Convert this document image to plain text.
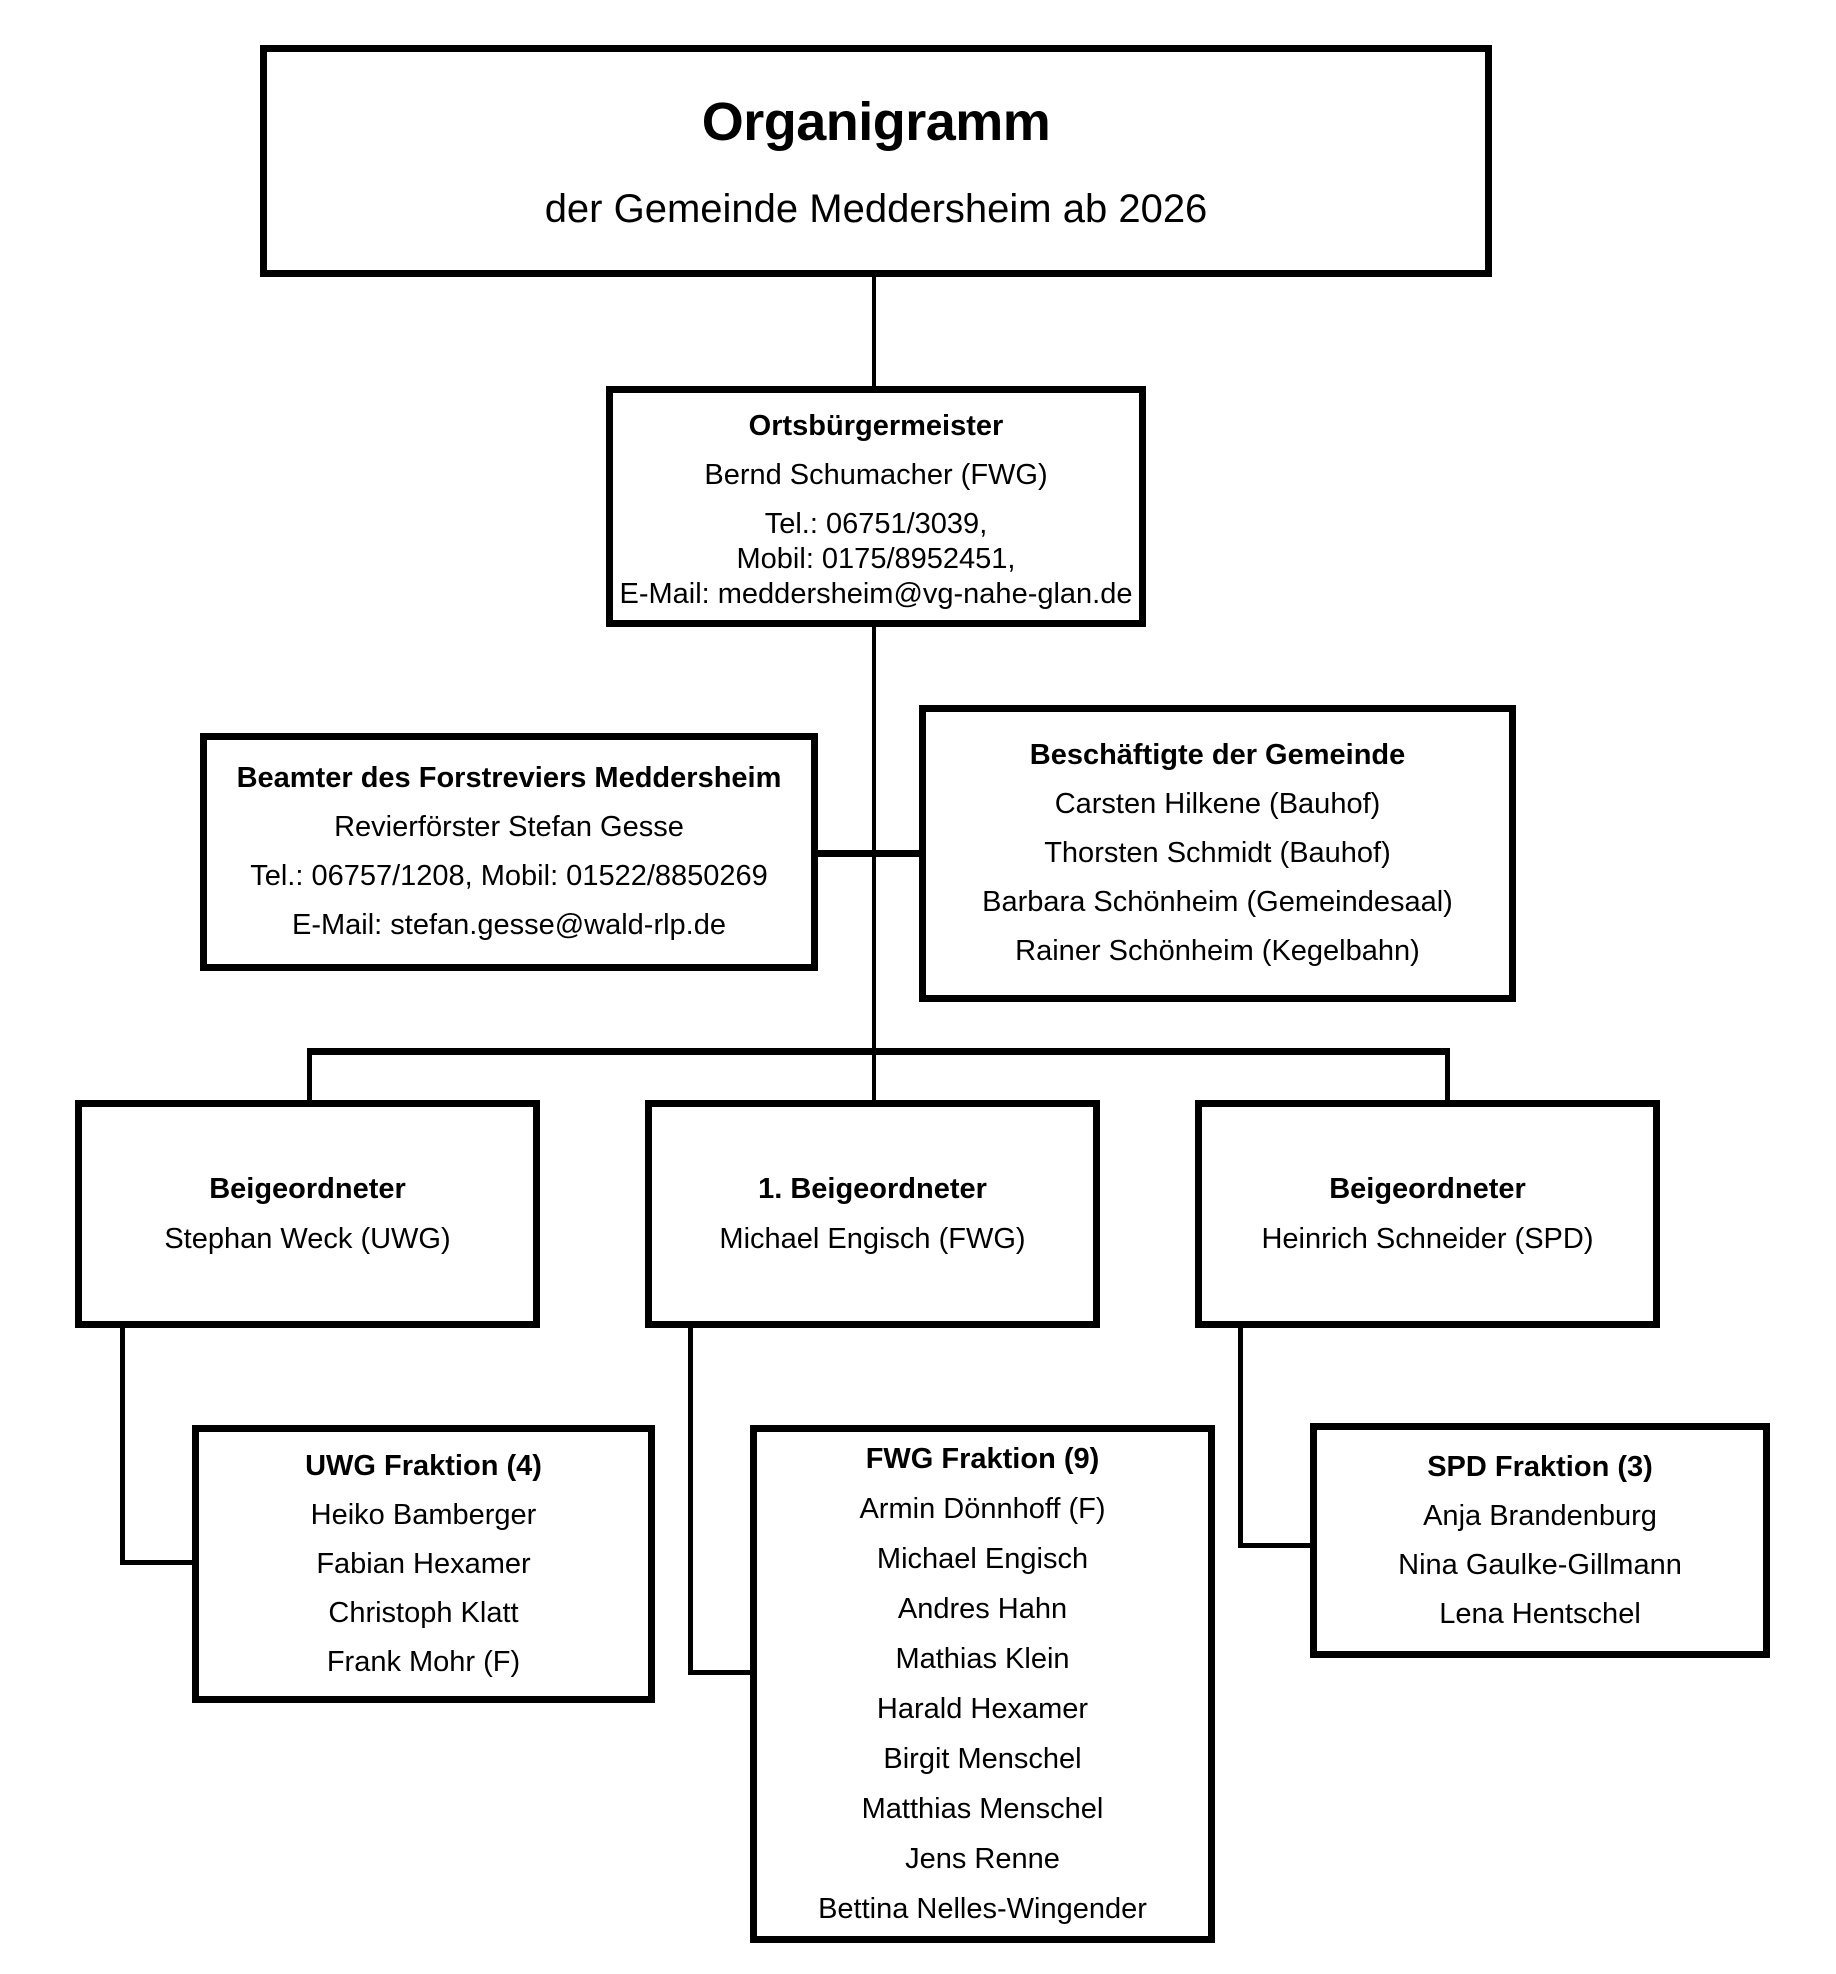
Organigramm
der Gemeinde Meddersheim ab 2026
Ortsbürgermeister
Bernd Schumacher (FWG)
Tel.: 06751/3039,
Mobil: 0175/8952451,
E-Mail: meddersheim@vg-nahe-glan.de
Beamter des Forstreviers Meddersheim
Revierförster Stefan Gesse
Tel.: 06757/1208, Mobil: 01522/8850269
E-Mail: stefan.gesse@wald-rlp.de
Beschäftigte der Gemeinde
Carsten Hilkene (Bauhof)
Thorsten Schmidt (Bauhof)
Barbara Schönheim (Gemeindesaal)
Rainer Schönheim (Kegelbahn)
Beigeordneter
Stephan Weck (UWG)
1. Beigeordneter
Michael Engisch (FWG)
Beigeordneter
Heinrich Schneider (SPD)
UWG Fraktion (4)
Heiko Bamberger
Fabian Hexamer
Christoph Klatt
Frank Mohr (F)
FWG Fraktion (9)
Armin Dönnhoff (F)
Michael Engisch
Andres Hahn
Mathias Klein
Harald Hexamer
Birgit Menschel
Matthias Menschel
Jens Renne
Bettina Nelles-Wingender
SPD Fraktion (3)
Anja Brandenburg
Nina Gaulke-Gillmann
Lena Hentschel
